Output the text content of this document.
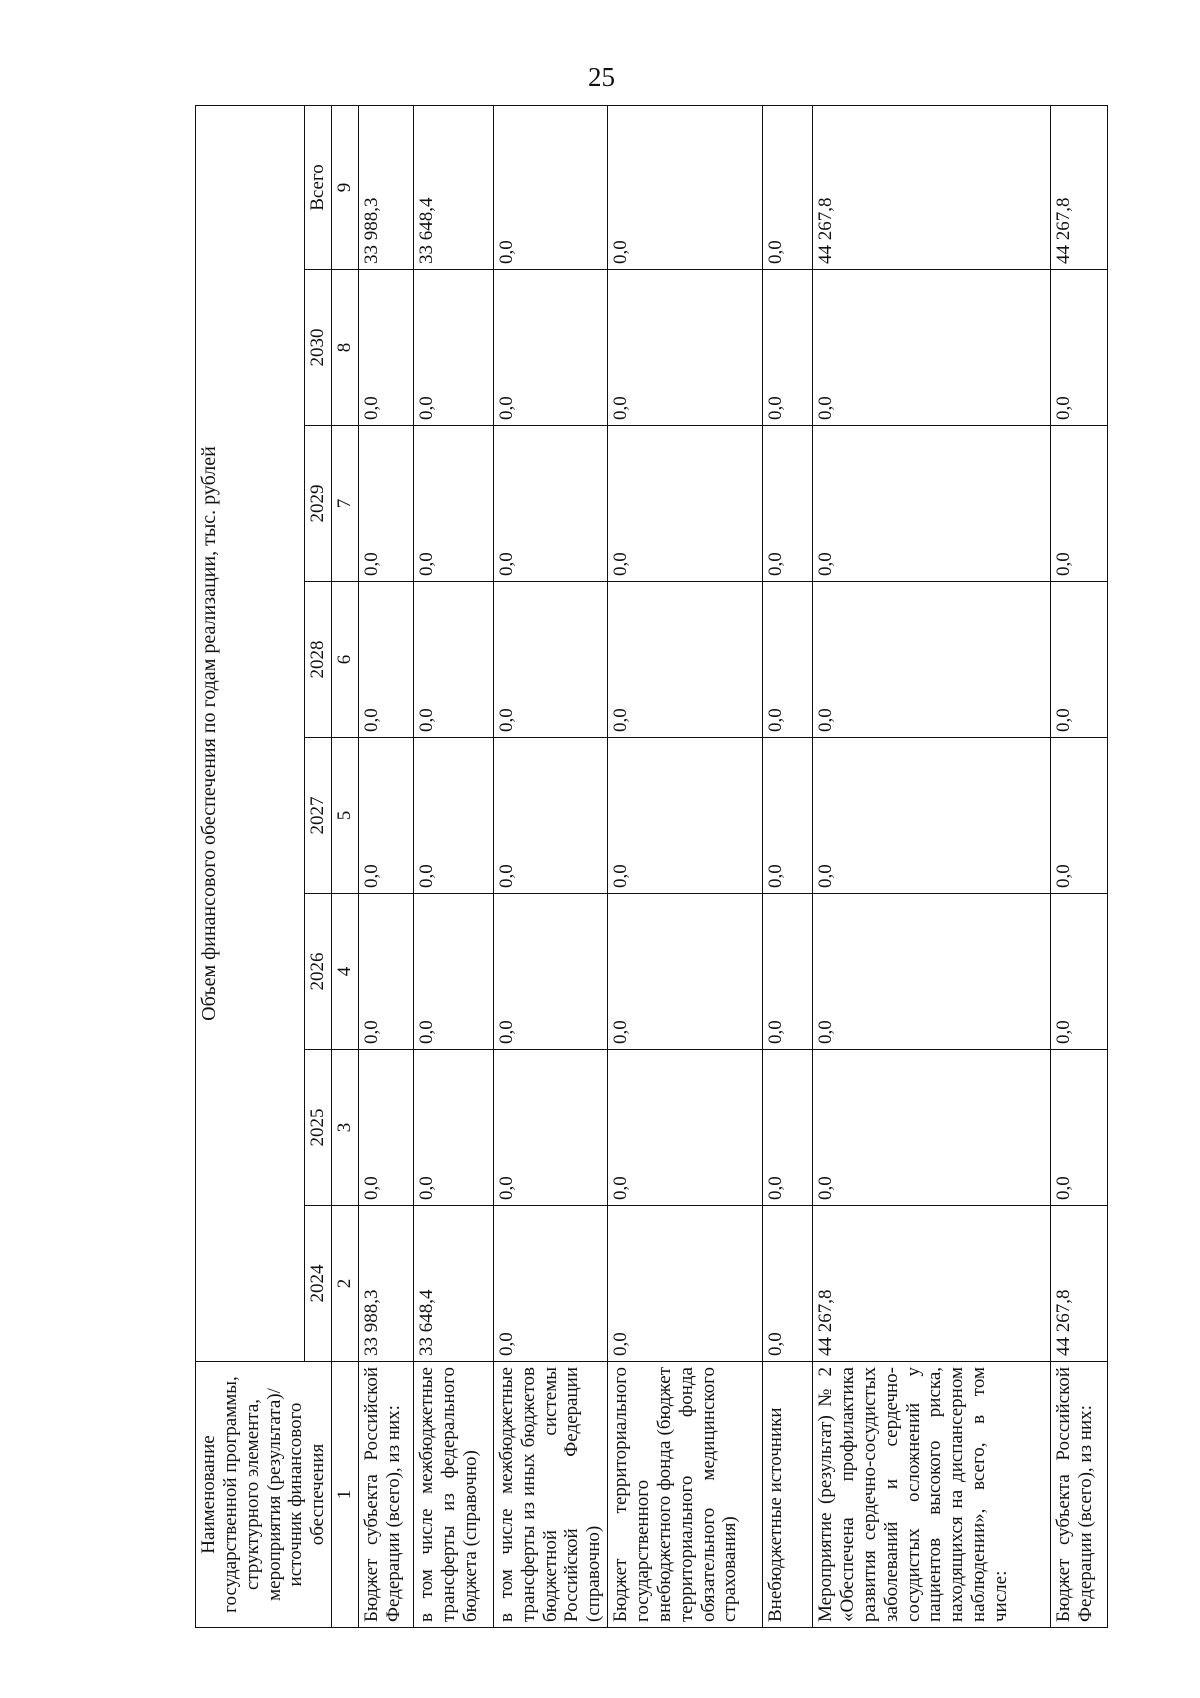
25
Наименование государственной программы, структурного элемента, мероприятия (результата)/источник финансового обеспечения	Объем финансового обеспечения по годам реализации, тыс. рублей							
	2024	2025	2026	2027	2028	2029	2030	Всего
1	2	3	4	5	6	7	8	9
Бюджет субъекта Российской Федерации (всего), из них:	33 988,3	0,0	0,0	0,0	0,0	0,0	0,0	33 988,3
в том числе межбюджетные трансферты из федерального бюджета (справочно)	33 648,4	0,0	0,0	0,0	0,0	0,0	0,0	33 648,4
в том числе межбюджетные трансферты из иных бюджетов бюджетной системы Российской Федерации (справочно)	0,0	0,0	0,0	0,0	0,0	0,0	0,0	0,0
Бюджет территориального государственного внебюджетного фонда (бюджет территориального фонда обязательного медицинского страхования)	0,0	0,0	0,0	0,0	0,0	0,0	0,0	0,0
Внебюджетные источники	0,0	0,0	0,0	0,0	0,0	0,0	0,0	0,0
Мероприятие (результат) № 2 «Обеспечена профилактика развития сердечно-сосудистых заболеваний и сердечно-сосудистых осложнений у пациентов высокого риска, находящихся на диспансерном наблюдении», всего, в том числе:	44 267,8	0,0	0,0	0,0	0,0	0,0	0,0	44 267,8
Бюджет субъекта Российской Федерации (всего), из них:	44 267,8	0,0	0,0	0,0	0,0	0,0	0,0	44 267,8
